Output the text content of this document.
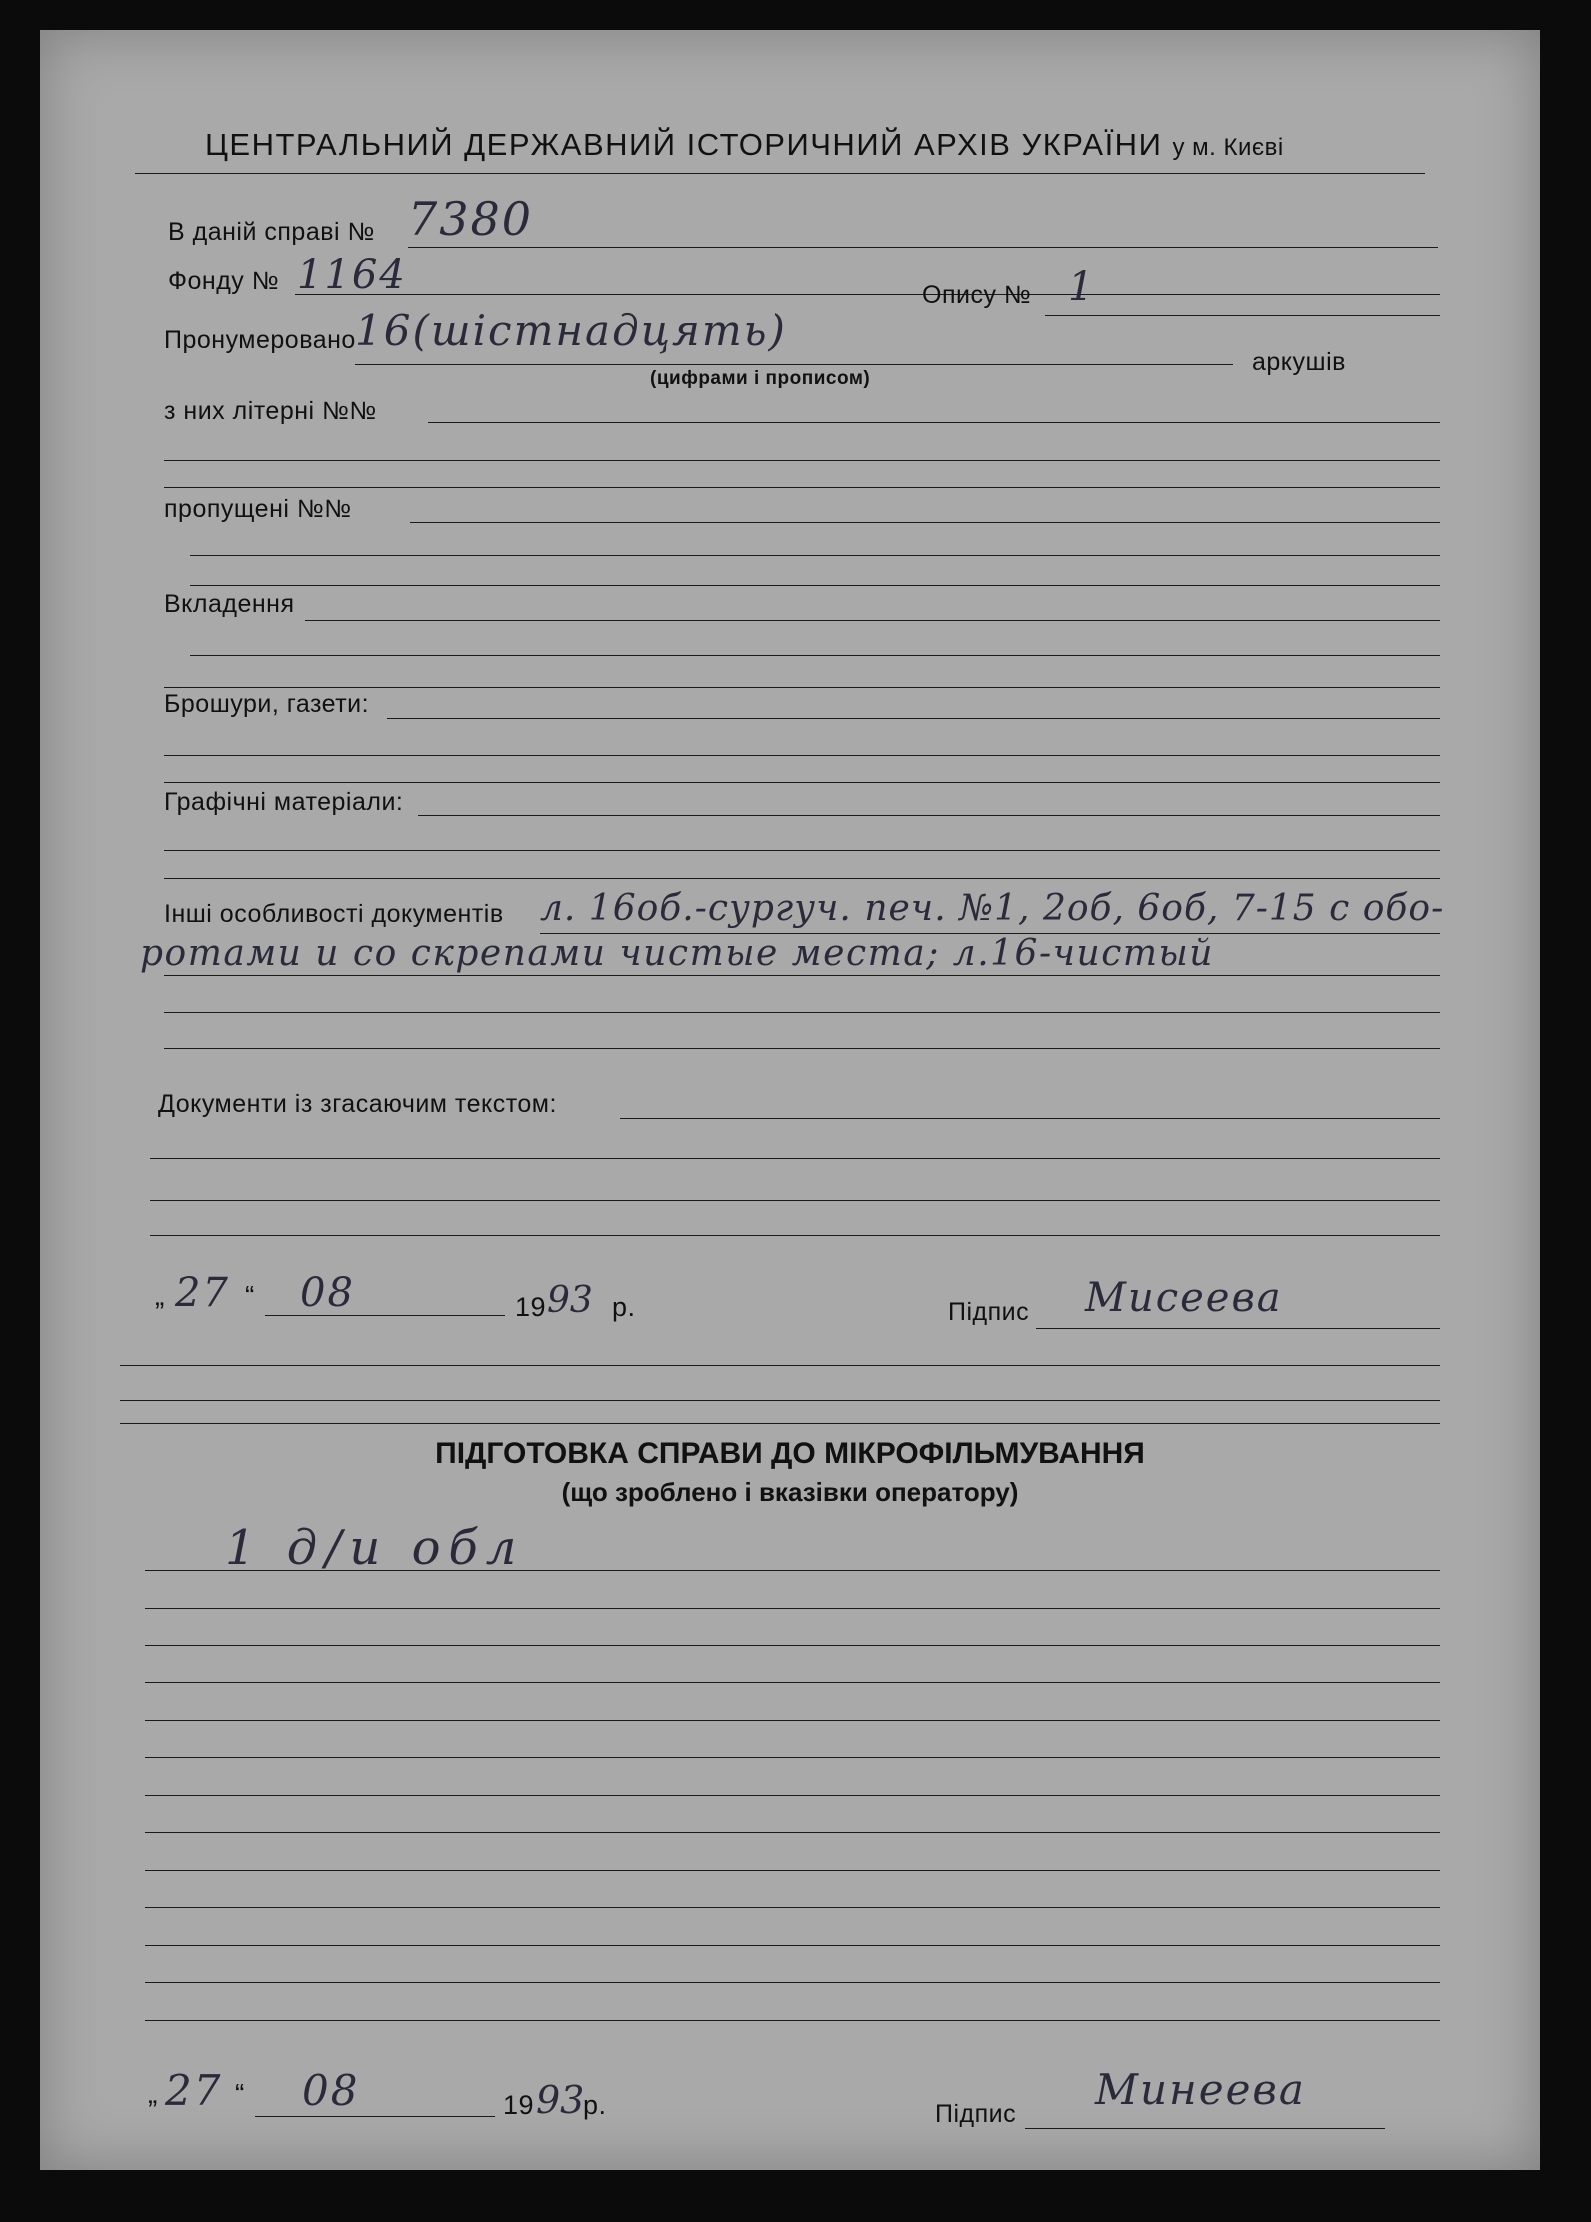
ЦЕНТРАЛЬНИЙ ДЕРЖАВНИЙ ІСТОРИЧНИЙ АРХІВ УКРАЇНИ у м. Києві
В даній справі № 7380
Фонду № 1164	Опису № 1
Пронумеровано 16(шістнадцять)
(цифрами і прописом)
аркушів
з них літерні №№
пропущені №№
Вкладення
Брошури, газети:
Графічні матеріали:
Інші особливості документів л. 16об.-сургуч. печ. №1, 2об, 6об, 7-15 с обо-
ротами и со скрепами чистые места; л.16-чистый
Документи із згасаючим текстом:
„ 27 “ 08	19 93 р.	Підпис Мисеева
ПІДГОТОВКА СПРАВИ ДО МІКРОФІЛЬМУВАННЯ
(що зроблено і вказівки оператору)
1 д/и обл
„ 27 “ 08	19 93
р.	Підпис Минеева
